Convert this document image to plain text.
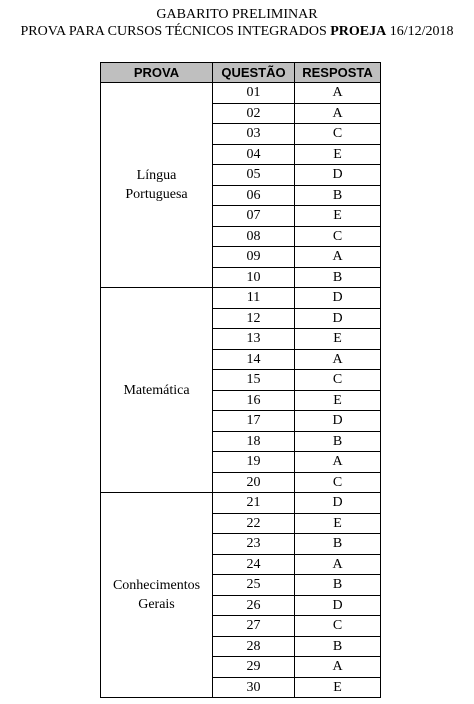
GABARITO PRELIMINAR
PROVA PARA CURSOS TÉCNICOS INTEGRADOS PROEJA 16/12/2018
PROVA	QUESTÃO	RESPOSTA

Língua
Portuguesa	01	A
	02	A
	03	C
	04	E
	05	D
	06	B
	07	E
	08	C
	09	A
	10	B

Matemática	11	D
	12	D
	13	E
	14	A
	15	C
	16	E
	17	D
	18	B
	19	A
	20	C

Conhecimentos
Gerais	21	D
	22	E
	23	B
	24	A
	25	B
	26	D
	27	C
	28	B
	29	A
	30	E
